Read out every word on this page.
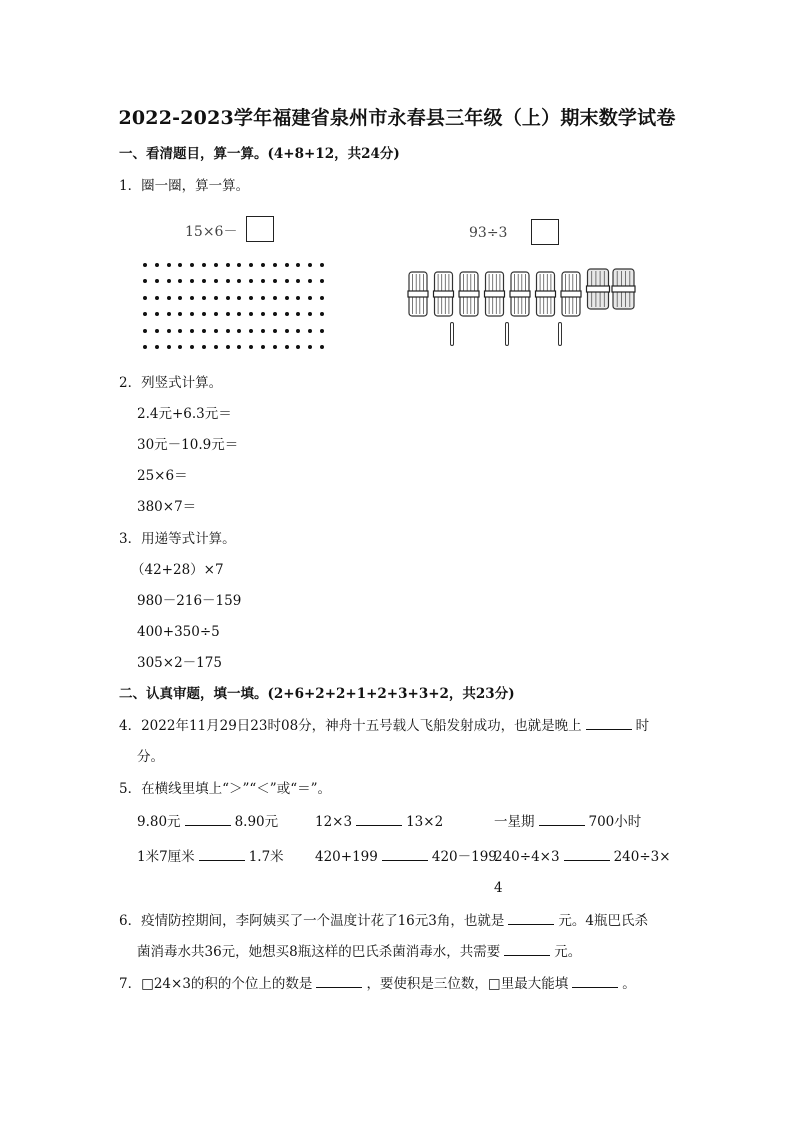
2022-2023学年福建省泉州市永春县三年级（上）期末数学试卷
一、看清题目，算一算。(4+8+12，共24分)
1．圈一圈，算一算。
15×6－	93÷3
2．列竖式计算。
2.4元+6.3元＝
30元－10.9元＝
25×6＝
380×7＝
3．用递等式计算。
（42+28）×7
980－216－159
400+350÷5
305×2－175
二、认真审题，填一填。(2+6+2+2+1+2+3+3+2，共23分)
4．2022年11月29日23时08分，神舟十五号载人飞船发射成功，也就是晚上	时
分。
5．在横线里填上“＞”“＜”或“＝”。
9.80元	8.90元	12×3	13×2	一星期	700小时
1米7厘米	1.7米 420+199	420－199
240÷4×3	240÷3×
4
6．疫情防控期间，李阿姨买了一个温度计花了16元3角，也就是	元。4瓶巴氏杀
菌消毒水共36元，她想买8瓶这样的巴氏杀菌消毒水，共需要	元。
7．□24×3的积的个位上的数是	，要使积是三位数，□里最大能填	。
